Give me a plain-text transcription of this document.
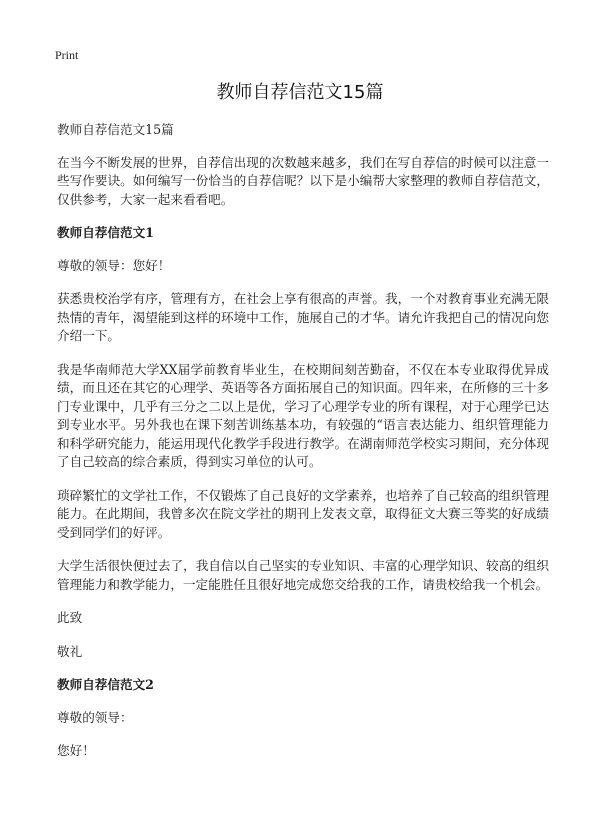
Print
教师自荐信范文15篇

教师自荐信范文15篇

在当今不断发展的世界，自荐信出现的次数越来越多，我们在写自荐信的时候可以注意一些写作要诀。如何编写一份恰当的自荐信呢？以下是小编帮大家整理的教师自荐信范文，仅供参考，大家一起来看看吧。

教师自荐信范文1

尊敬的领导：您好！

获悉贵校治学有序，管理有方，在社会上享有很高的声誉。我，一个对教育事业充满无限热情的青年，渴望能到这样的环境中工作，施展自己的才华。请允许我把自己的情况向您介绍一下。

我是华南师范大学XX届学前教育毕业生，在校期间刻苦勤奋，不仅在本专业取得优异成绩，而且还在其它的心理学、英语等各方面拓展自己的知识面。四年来，在所修的三十多门专业课中，几乎有三分之二以上是优，学习了心理学专业的所有课程，对于心理学已达到专业水平。另外我也在课下刻苦训练基本功，有较强的“语言表达能力、组织管理能力和科学研究能力，能运用现代化教学手段进行教学。在湖南师范学校实习期间，充分体现了自己较高的综合素质，得到实习单位的认可。

琐碎繁忙的文学社工作，不仅锻炼了自己良好的文学素养，也培养了自己较高的组织管理能力。在此期间，我曾多次在院文学社的期刊上发表文章，取得征文大赛三等奖的好成绩受到同学们的好评。

大学生活很快便过去了，我自信以自己坚实的专业知识、丰富的心理学知识、较高的组织管理能力和教学能力，一定能胜任且很好地完成您交给我的工作，请贵校给我一个机会。

此致

敬礼

教师自荐信范文2

尊敬的领导：

您好！
